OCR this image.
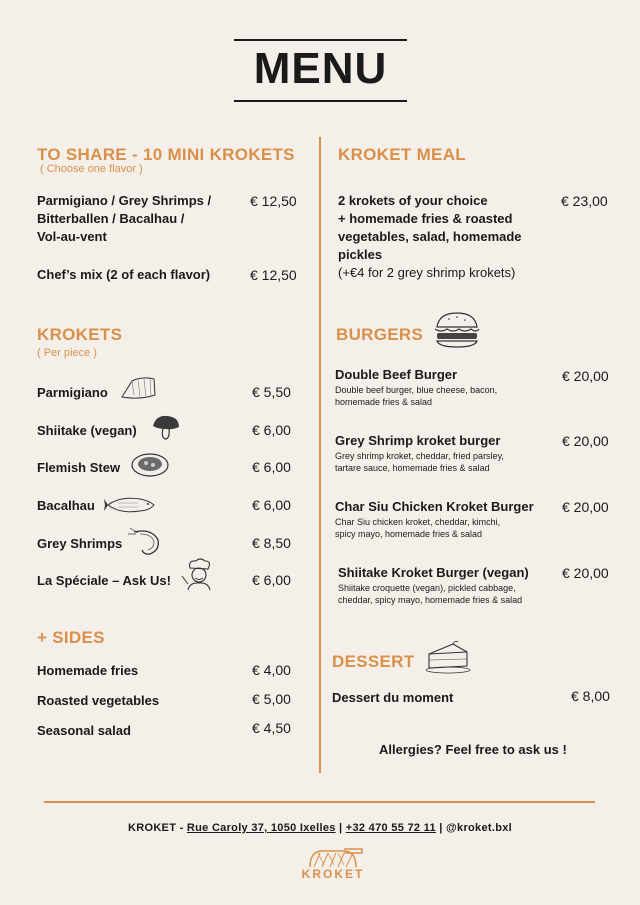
MENU
TO SHARE - 10 MINI KROKETS
( Choose one flavor )
Parmigiano / Grey Shrimps /
Bitterballen / Bacalhau /
Vol-au-vent
€ 12,50
Chef’s mix (2 of each flavor)	€ 12,50
KROKETS
( Per piece )
Parmigiano	€ 5,50
Shiitake (vegan)	€ 6,00
Flemish Stew	€ 6,00
Bacalhau	€ 6,00
Grey Shrimps	€ 8,50
La Spéciale – Ask Us!	€ 6,00
+ SIDES
Homemade fries	€ 4,00
Roasted vegetables	€ 5,00
Seasonal salad	€ 4,50
KROKET MEAL
2 krokets of your choice
+ homemade fries & roasted
vegetables, salad, homemade
pickles
(+€4 for 2 grey shrimp krokets)
€ 23,00
BURGERS
Double Beef Burger	€ 20,00
Double beef burger, blue cheese, bacon,
homemade fries & salad
Grey Shrimp kroket burger	€ 20,00
Grey shrimp kroket, cheddar, fried parsley,
tartare sauce, homemade fries & salad
Char Siu Chicken Kroket Burger € 20,00
Char Siu chicken kroket, cheddar, kimchi,
spicy mayo, homemade fries & salad
Shiitake Kroket Burger (vegan) € 20,00
Shiitake croquette (vegan), pickled cabbage,
cheddar, spicy mayo, homemade fries & salad
DESSERT
Dessert du moment	€ 8,00
Allergies? Feel free to ask us !
KROKET - Rue Caroly 37, 1050 Ixelles | +32 470 55 72 11 | @kroket.bxl
KROKET
